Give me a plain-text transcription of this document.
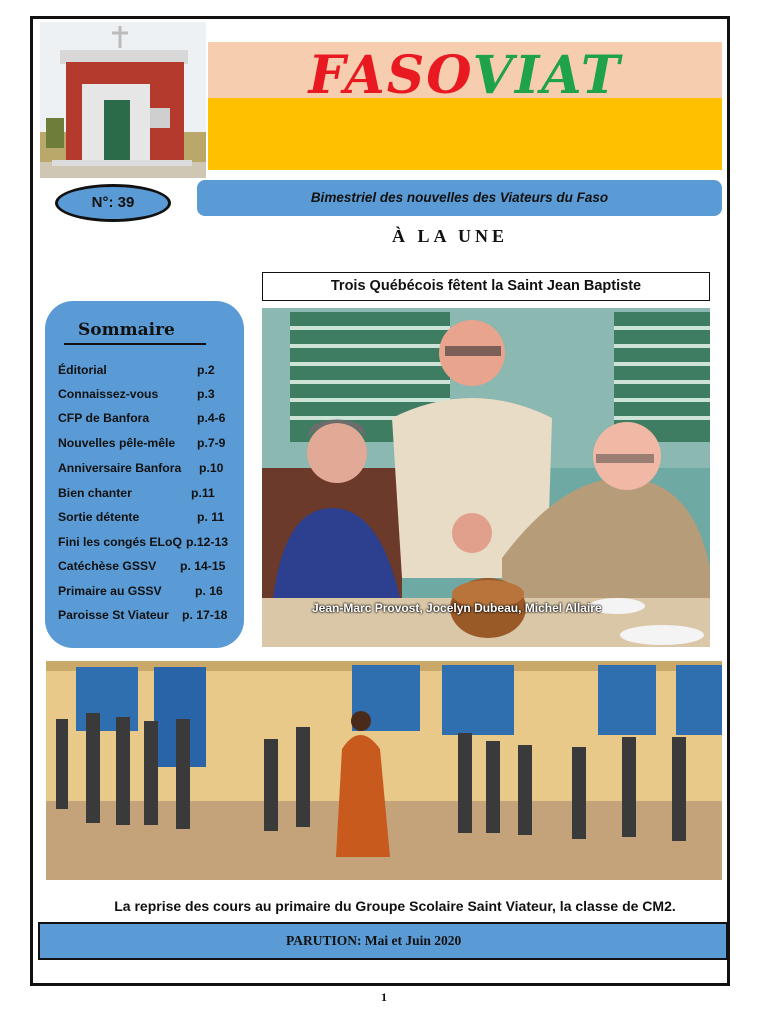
FASOVIAT
N°: 39	Bimestriel des nouvelles des Viateurs du Faso
À LA UNE
Sommaire
Éditorial	p.2
Connaissez-vous	p.3
CFP de Banfora	p.4-6
Nouvelles pêle-mêle p.7-9
Anniversaire Banfora p.10
Bien chanter	p.11
Sortie détente	p. 11
Fini les congés ELoQ p.12-13
Catéchèse GSSV p. 14-15
Primaire au GSSV	p. 16
Paroisse St Viateur p. 17-18
Trois Québécois fêtent la Saint Jean Baptiste
Jean-Marc Provost, Jocelyn Dubeau, Michel Allaire
La reprise des cours au primaire du Groupe Scolaire Saint Viateur, la classe de CM2.
PARUTION: Mai et Juin 2020
1
